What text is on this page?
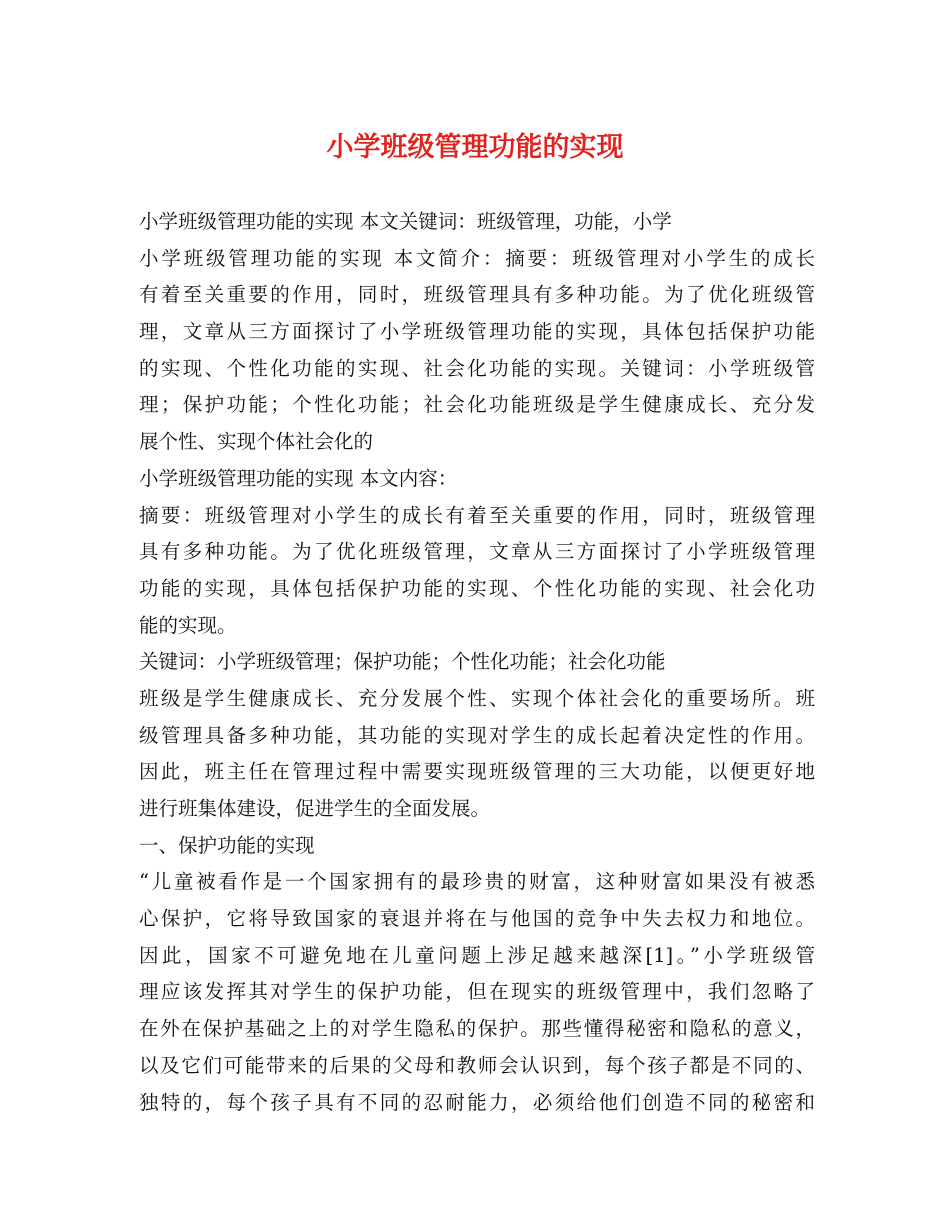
小学班级管理功能的实现
小学班级管理功能的实现 本文关键词：班级管理，功能，小学
小学班级管理功能的实现 本文简介：摘要：班级管理对小学生的成长
有着至关重要的作用，同时，班级管理具有多种功能。为了优化班级管
理，文章从三方面探讨了小学班级管理功能的实现，具体包括保护功能
的实现、个性化功能的实现、社会化功能的实现。关键词：小学班级管
理；保护功能；个性化功能；社会化功能班级是学生健康成长、充分发
展个性、实现个体社会化的
小学班级管理功能的实现 本文内容：
摘要：班级管理对小学生的成长有着至关重要的作用，同时，班级管理
具有多种功能。为了优化班级管理，文章从三方面探讨了小学班级管理
功能的实现，具体包括保护功能的实现、个性化功能的实现、社会化功
能的实现。
关键词：小学班级管理；保护功能；个性化功能；社会化功能
班级是学生健康成长、充分发展个性、实现个体社会化的重要场所。班
级管理具备多种功能，其功能的实现对学生的成长起着决定性的作用。
因此，班主任在管理过程中需要实现班级管理的三大功能，以便更好地
进行班集体建设，促进学生的全面发展。
一、保护功能的实现
“儿童被看作是一个国家拥有的最珍贵的财富，这种财富如果没有被悉
心保护，它将导致国家的衰退并将在与他国的竞争中失去权力和地位。
因此，国家不可避免地在儿童问题上涉足越来越深[1]。”小学班级管
理应该发挥其对学生的保护功能，但在现实的班级管理中，我们忽略了
在外在保护基础之上的对学生隐私的保护。那些懂得秘密和隐私的意义，
以及它们可能带来的后果的父母和教师会认识到，每个孩子都是不同的、
独特的，每个孩子具有不同的忍耐能力，必须给他们创造不同的秘密和
